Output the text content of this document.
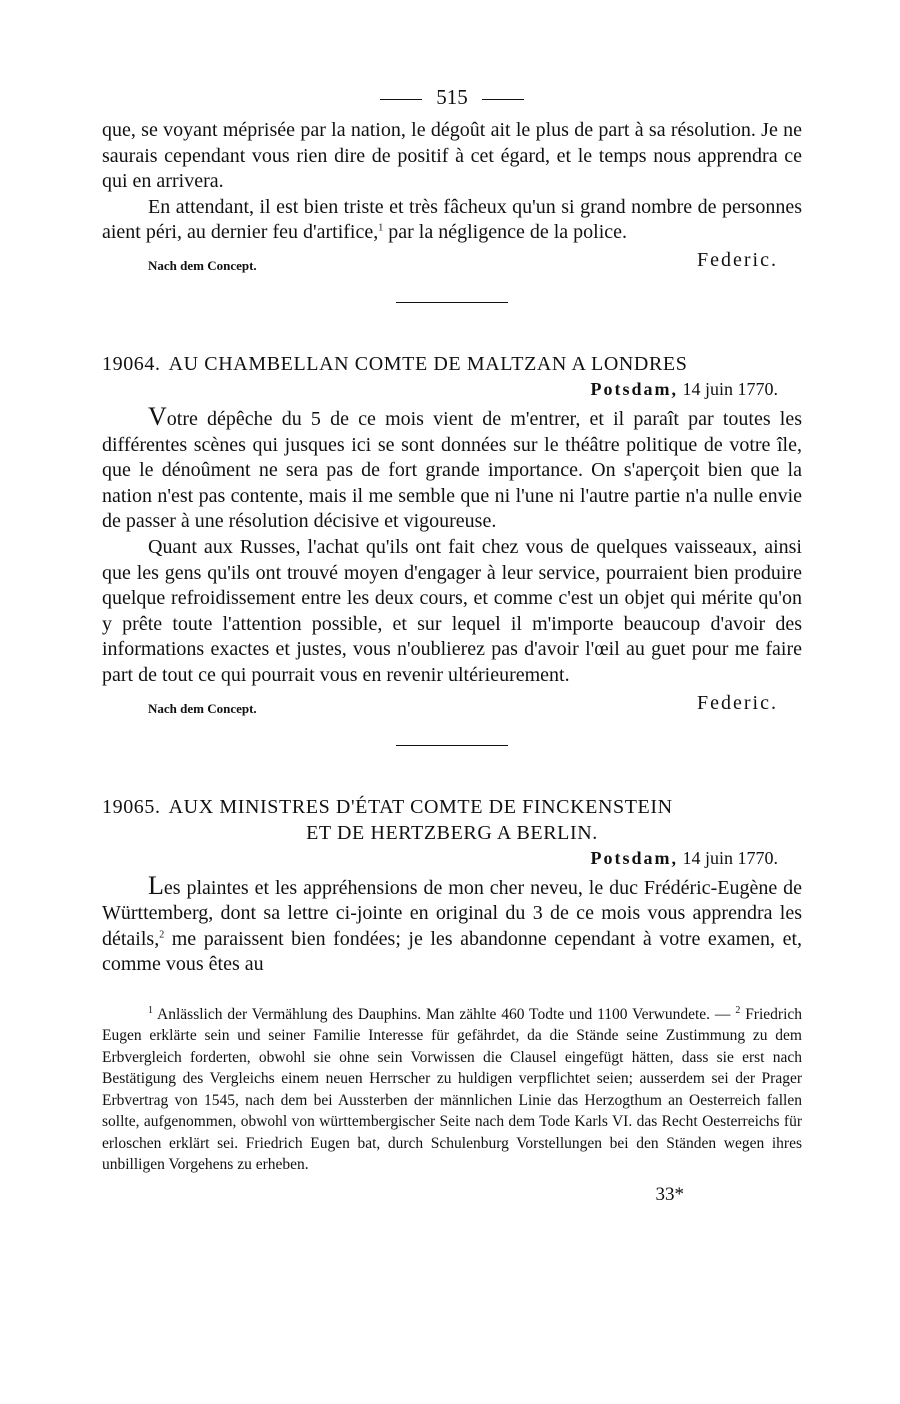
515

que, se voyant méprisée par la nation, le dégoût ait le plus de part à sa résolution. Je ne saurais cependant vous rien dire de positif à cet égard, et le temps nous apprendra ce qui en arrivera.

En attendant, il est bien triste et très fâcheux qu'un si grand nombre de personnes aient péri, au dernier feu d'artifice,$^1$ par la négligence de la police.

Nach dem Concept.	Federic.
19064. AU CHAMBELLAN COMTE DE MALTZAN A LONDRES
Potsdam, 14 juin 1770.

Votre dépêche du 5 de ce mois vient de m'entrer, et il paraît par toutes les différentes scènes qui jusques ici se sont données sur le théâtre politique de votre île, que le dénoûment ne sera pas de fort grande importance. On s'aperçoit bien que la nation n'est pas contente, mais il me semble que ni l'une ni l'autre partie n'a nulle envie de passer à une résolution décisive et vigoureuse.

Quant aux Russes, l'achat qu'ils ont fait chez vous de quelques vaisseaux, ainsi que les gens qu'ils ont trouvé moyen d'engager à leur service, pourraient bien produire quelque refroidissement entre les deux cours, et comme c'est un objet qui mérite qu'on y prête toute l'attention possible, et sur lequel il m'importe beaucoup d'avoir des informations exactes et justes, vous n'oublierez pas d'avoir l'œil au guet pour me faire part de tout ce qui pourrait vous en revenir ultérieurement.

Nach dem Concept.	Federic.
19065. AUX MINISTRES D'ÉTAT COMTE DE FINCKENSTEIN
ET DE HERTZBERG A BERLIN.
Potsdam, 14 juin 1770.

Les plaintes et les appréhensions de mon cher neveu, le duc Frédéric-Eugène de Württemberg, dont sa lettre ci-jointe en original du 3 de ce mois vous apprendra les détails,$^2$ me paraissent bien fondées; je les abandonne cependant à votre examen, et, comme vous êtes au

$^1$ Anlässlich der Vermählung des Dauphins. Man zählte 460 Todte und 1100 Verwundete. — $^2$ Friedrich Eugen erklärte sein und seiner Familie Interesse für gefährdet, da die Stände seine Zustimmung zu dem Erbvergleich forderten, obwohl sie ohne sein Vorwissen die Clausel eingefügt hätten, dass sie erst nach Bestätigung des Vergleichs einem neuen Herrscher zu huldigen verpflichtet seien; ausserdem sei der Prager Erbvertrag von 1545, nach dem bei Aussterben der männlichen Linie das Herzogthum an Oesterreich fallen sollte, aufgenommen, obwohl von württembergischer Seite nach dem Tode Karls VI. das Recht Oesterreichs für erloschen erklärt sei. Friedrich Eugen bat, durch Schulenburg Vorstellungen bei den Ständen wegen ihres unbilligen Vorgehens zu erheben.

33*
